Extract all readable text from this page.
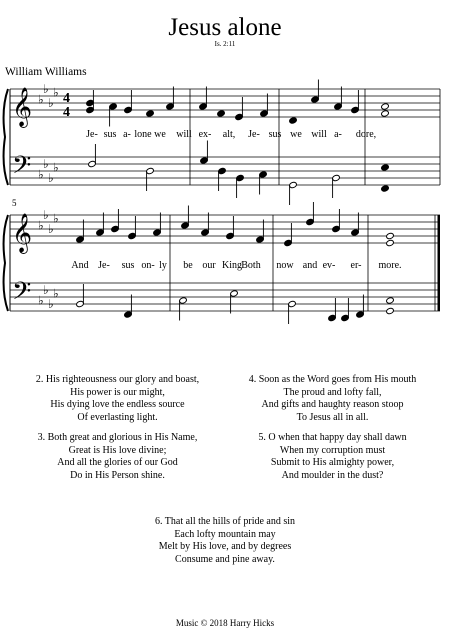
Jesus alone
Is. 2:11
William Williams
𝄞
𝄢
♭
♭
♭
♭
♭
♭
♭
♭
4
4
Je- sus a- lone we will ex- alt, Je- sus we will a- dore,
5
𝄞
𝄢
♭
♭
♭
♭
♭
♭
♭
♭
And Je- sus on- ly be our King Both now and ev- er- more.
2. His righteousness our glory and boast,
His power is our might,
His dying love the endless source
Of everlasting light.
3. Both great and glorious in His Name,
Great is His love divine;
And all the glories of our God
Do in His Person shine.
4. Soon as the Word goes from His mouth
The proud and lofty fall,
And gifts and haughty reason stoop
To Jesus all in all.
5. O when that happy day shall dawn
When my corruption must
Submit to His almighty power,
And moulder in the dust?
6. That all the hills of pride and sin
Each lofty mountain may
Melt by His love, and by degrees
Consume and pine away.
Music © 2018 Harry Hicks
